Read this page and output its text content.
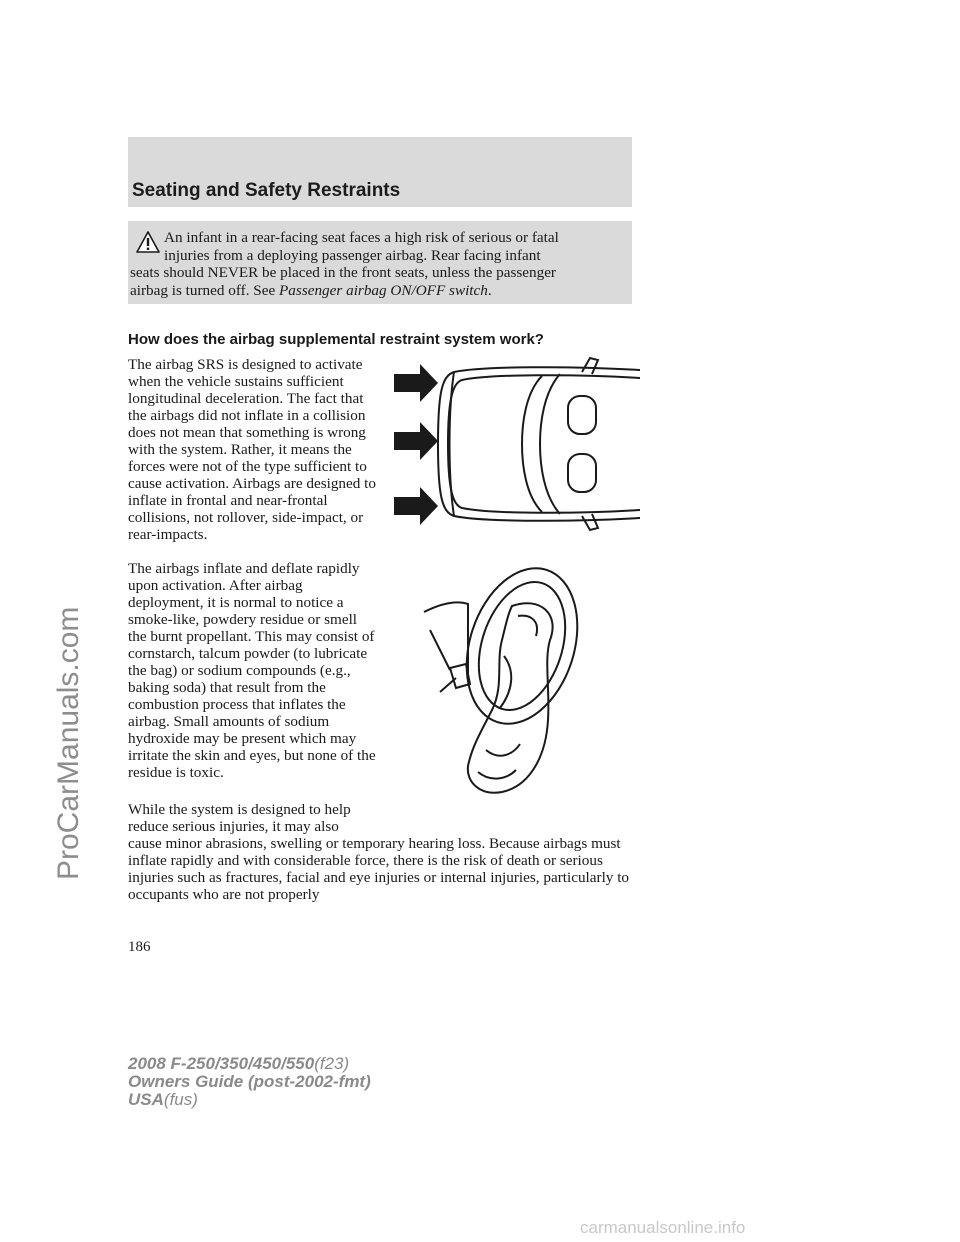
Seating and Safety Restraints
An infant in a rear-facing seat faces a high risk of serious or fatal
injuries from a deploying passenger airbag. Rear facing infant
seats should NEVER be placed in the front seats, unless the passenger
airbag is turned off. See Passenger airbag ON/OFF switch.
How does the airbag supplemental restraint system work?

The airbag SRS is designed to activate when the vehicle sustains sufficient longitudinal deceleration. The fact that the airbags did not inflate in a collision does not mean that something is wrong with the system. Rather, it means the forces were not of the type sufficient to cause activation. Airbags are designed to inflate in frontal and near-frontal collisions, not rollover, side-impact, or rear-impacts.

The airbags inflate and deflate rapidly upon activation. After airbag deployment, it is normal to notice a smoke-like, powdery residue or smell the burnt propellant. This may consist of cornstarch, talcum powder (to lubricate the bag) or sodium compounds (e.g., baking soda) that result from the combustion process that inflates the airbag. Small amounts of sodium hydroxide may be present which may irritate the skin and eyes, but none of the residue is toxic.

While the system is designed to help reduce serious injuries, it may also
cause minor abrasions, swelling or temporary hearing loss. Because airbags must inflate rapidly and with considerable force, there is the risk of death or serious injuries such as fractures, facial and eye injuries or internal injuries, particularly to occupants who are not properly

186
2008 F-250/350/450/550(f23)
Owners Guide (post-2002-fmt)
USA(fus)
ProCarManuals.com
carmanualsonline.info
